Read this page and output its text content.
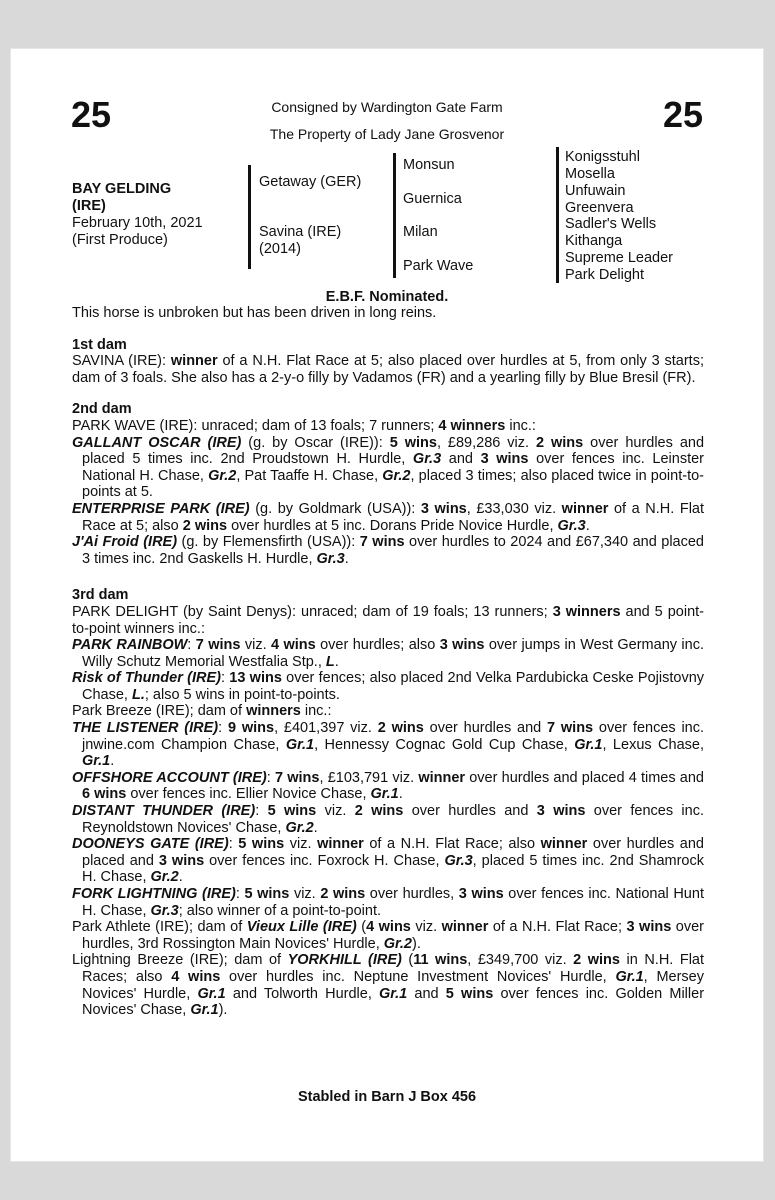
25	25
Consigned by Wardington Gate Farm
The Property of Lady Jane Grosvenor
BAY GELDING
(IRE)
February 10th, 2021
(First Produce)
Getaway (GER)
Savina (IRE)
(2014)
Monsun
Guernica
Milan
Park Wave
Konigsstuhl
Mosella
Unfuwain
Greenvera
Sadler's Wells
Kithanga
Supreme Leader
Park Delight
E.B.F. Nominated.

This horse is unbroken but has been driven in long reins.

1st dam

SAVINA (IRE): winner of a N.H. Flat Race at 5; also placed over hurdles at 5, from only 3 starts; dam of 3 foals. She also has a 2-y-o filly by Vadamos (FR) and a yearling filly by Blue Bresil (FR).

2nd dam

PARK WAVE (IRE): unraced; dam of 13 foals; 7 runners; 4 winners inc.:

GALLANT OSCAR (IRE) (g. by Oscar (IRE)): 5 wins, £89,286 viz. 2 wins over hurdles and placed 5 times inc. 2nd Proudstown H. Hurdle, Gr.3 and 3 wins over fences inc. Leinster National H. Chase, Gr.2, Pat Taaffe H. Chase, Gr.2, placed 3 times; also placed twice in point-to-points at 5.

ENTERPRISE PARK (IRE) (g. by Goldmark (USA)): 3 wins, £33,030 viz. winner of a N.H. Flat Race at 5; also 2 wins over hurdles at 5 inc. Dorans Pride Novice Hurdle, Gr.3.

J'Ai Froid (IRE) (g. by Flemensfirth (USA)): 7 wins over hurdles to 2024 and £67,340 and placed 3 times inc. 2nd Gaskells H. Hurdle, Gr.3.

3rd dam

PARK DELIGHT (by Saint Denys): unraced; dam of 19 foals; 13 runners; 3 winners and 5 point-to-point winners inc.:

PARK RAINBOW: 7 wins viz. 4 wins over hurdles; also 3 wins over jumps in West Germany inc. Willy Schutz Memorial Westfalia Stp., L.

Risk of Thunder (IRE): 13 wins over fences; also placed 2nd Velka Pardubicka Ceske Pojistovny Chase, L.; also 5 wins in point-to-points.

Park Breeze (IRE); dam of winners inc.:

THE LISTENER (IRE): 9 wins, £401,397 viz. 2 wins over hurdles and 7 wins over fences inc. jnwine.com Champion Chase, Gr.1, Hennessy Cognac Gold Cup Chase, Gr.1, Lexus Chase, Gr.1.

OFFSHORE ACCOUNT (IRE): 7 wins, £103,791 viz. winner over hurdles and placed 4 times and 6 wins over fences inc. Ellier Novice Chase, Gr.1.

DISTANT THUNDER (IRE): 5 wins viz. 2 wins over hurdles and 3 wins over fences inc. Reynoldstown Novices' Chase, Gr.2.

DOONEYS GATE (IRE): 5 wins viz. winner of a N.H. Flat Race; also winner over hurdles and placed and 3 wins over fences inc. Foxrock H. Chase, Gr.3, placed 5 times inc. 2nd Shamrock H. Chase, Gr.2.

FORK LIGHTNING (IRE): 5 wins viz. 2 wins over hurdles, 3 wins over fences inc. National Hunt H. Chase, Gr.3; also winner of a point-to-point.

Park Athlete (IRE); dam of Vieux Lille (IRE) (4 wins viz. winner of a N.H. Flat Race; 3 wins over hurdles, 3rd Rossington Main Novices' Hurdle, Gr.2).

Lightning Breeze (IRE); dam of YORKHILL (IRE) (11 wins, £349,700 viz. 2 wins in N.H. Flat Races; also 4 wins over hurdles inc. Neptune Investment Novices' Hurdle, Gr.1, Mersey Novices' Hurdle, Gr.1 and Tolworth Hurdle, Gr.1 and 5 wins over fences inc. Golden Miller Novices' Chase, Gr.1).

Stabled in Barn J Box 456
